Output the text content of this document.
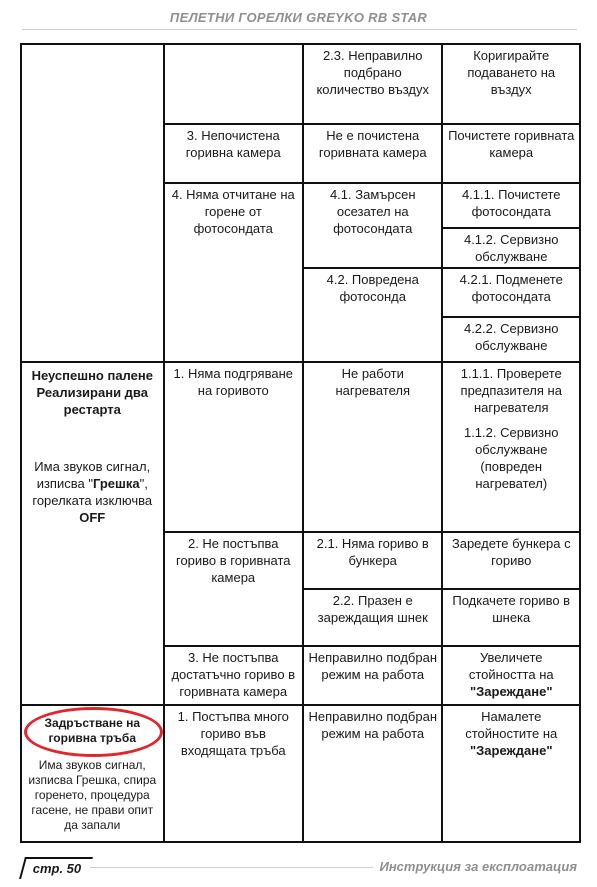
ПЕЛЕТНИ ГОРЕЛКИ GREYKO RB STAR
		2.3. Неправилно подбрано количество въздух	Коригирайте подаването на въздух
	3. Непочистена горивна камера	Не е почистена горивната камера	Почистете горивната камера
	4. Няма отчитане на горене от фотосондата	4.1. Замърсен осезател на фотосондата	4.1.1. Почистете фотосондата
			4.1.2. Сервизно обслужване
		4.2. Повредена фотосонда	4.2.1. Подменете фотосондата
			4.2.2. Сервизно обслужване

Неуспешно палене Реализирани два рестарта
Има звуков сигнал, изписва "Грешка", горелката изключва OFF	1. Няма подгряване на горивото	Не работи нагревателя	1.1.1. Проверете предпазителя на нагревателя
1.1.2. Сервизно обслужване (повреден нагревател)
	2. Не постъпва гориво в горивната камера	2.1. Няма гориво в бункера	Заредете бункера с гориво
		2.2. Празен е зареждащия шнек	Подкачете гориво в шнека
	3. Не постъпва достатъчно гориво в горивната камера	Неправилно подбран режим на работа	Увеличете стойността на
"Зареждане"

Задръстване на горивна тръба
Има звуков сигнал, изписва Грешка, спира горенето, процедура гасене, не прави опит да запали	1. Постъпва много гориво във входящата тръба	Неправилно подбран режим на работа	Намалете стойностите на
"Зареждане"
стр. 50	Инструкция за експлоатация
